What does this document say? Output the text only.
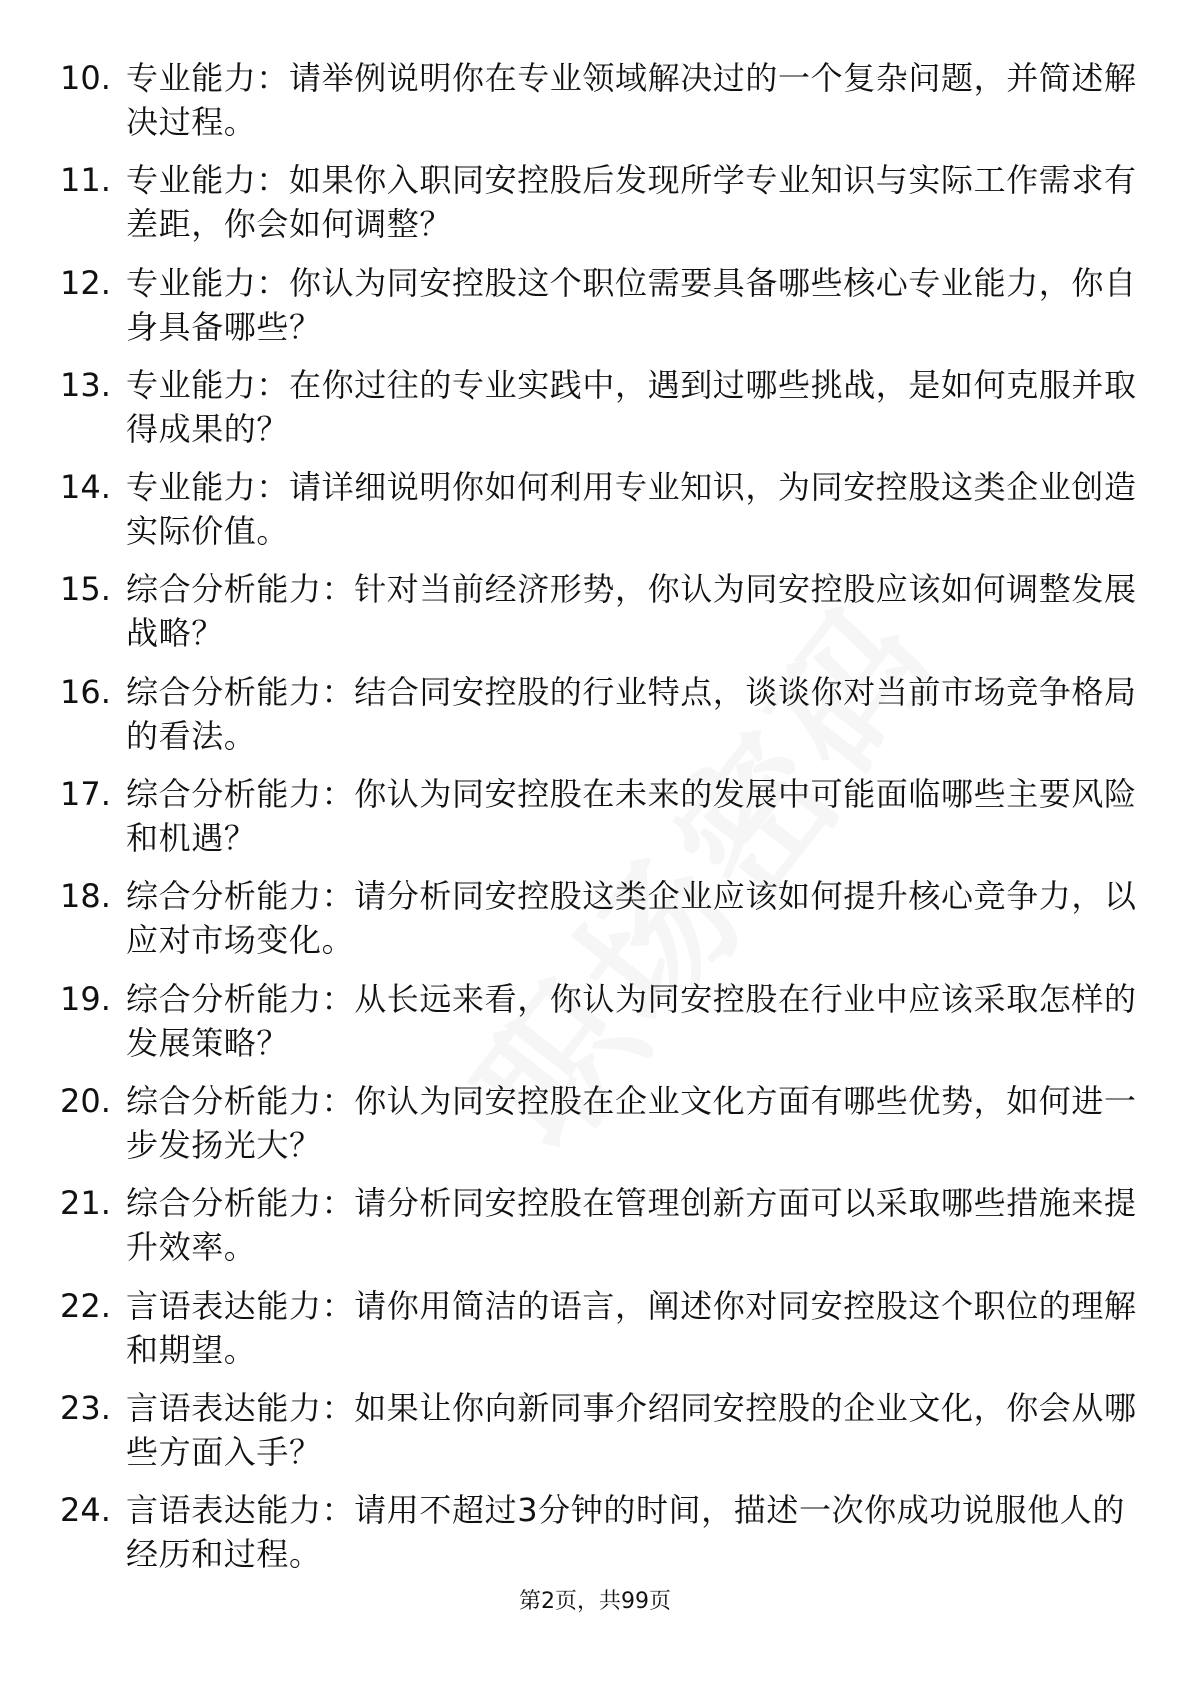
10. 专业能力：请举例说明你在专业领域解决过的一个复杂问题，并简述解决过程。
11. 专业能力：如果你入职同安控股后发现所学专业知识与实际工作需求有差距，你会如何调整？
12. 专业能力：你认为同安控股这个职位需要具备哪些核心专业能力，你自身具备哪些？
13. 专业能力：在你过往的专业实践中，遇到过哪些挑战，是如何克服并取得成果的？
14. 专业能力：请详细说明你如何利用专业知识，为同安控股这类企业创造实际价值。
15. 综合分析能力：针对当前经济形势，你认为同安控股应该如何调整发展战略？
16. 综合分析能力：结合同安控股的行业特点，谈谈你对当前市场竞争格局的看法。
17. 综合分析能力：你认为同安控股在未来的发展中可能面临哪些主要风险和机遇？
18. 综合分析能力：请分析同安控股这类企业应该如何提升核心竞争力，以应对市场变化。
19. 综合分析能力：从长远来看，你认为同安控股在行业中应该采取怎样的发展策略？
20. 综合分析能力：你认为同安控股在企业文化方面有哪些优势，如何进一步发扬光大？
21. 综合分析能力：请分析同安控股在管理创新方面可以采取哪些措施来提升效率。
22. 言语表达能力：请你用简洁的语言，阐述你对同安控股这个职位的理解和期望。
23. 言语表达能力：如果让你向新同事介绍同安控股的企业文化，你会从哪些方面入手？
24. 言语表达能力：请用不超过3分钟的时间，描述一次你成功说服他人的经历和过程。
第2页，共99页
